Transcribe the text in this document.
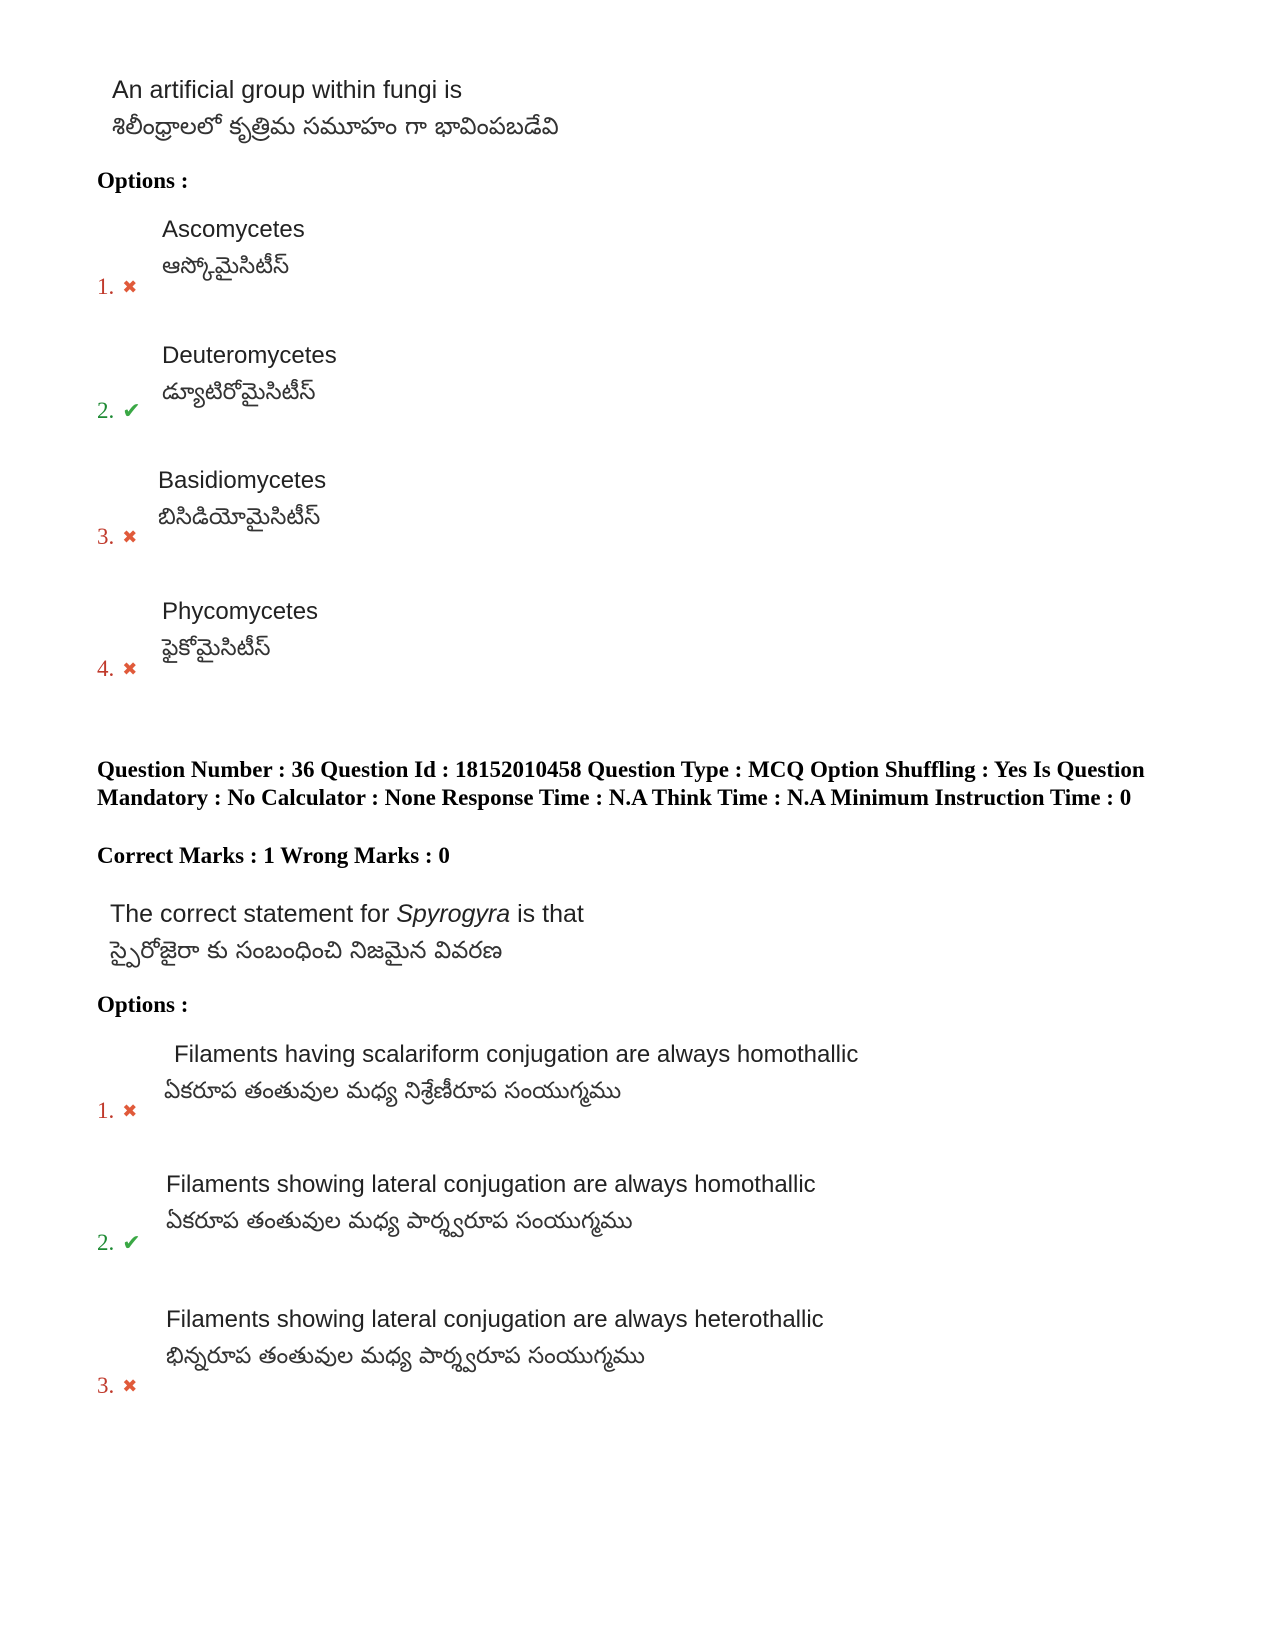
An artificial group within fungi is
శిలీంధ్రాలలో కృత్రిమ సమూహం గా భావింపబడేవి
Options :
Ascomycetes
ఆస్కోమైసిటీస్
1. ✖
Deuteromycetes
డ్యూటిరోమైసిటీస్
2. ✔
Basidiomycetes
బిసిడియోమైసిటీస్
3. ✖
Phycomycetes
ఫైకోమైసిటీస్
4. ✖
Question Number : 36 Question Id : 18152010458 Question Type : MCQ Option Shuffling : Yes Is Question Mandatory : No Calculator : None Response Time : N.A Think Time : N.A Minimum Instruction Time : 0
Correct Marks : 1 Wrong Marks : 0
The correct statement for Spyrogyra is that
స్పైరోజైరా కు సంబంధించి నిజమైన వివరణ
Options :
Filaments having scalariform conjugation are always homothallic
ఏకరూప తంతువుల మధ్య నిశ్రేణీరూప సంయుగ్మము
1. ✖
Filaments showing lateral conjugation are always homothallic
ఏకరూప తంతువుల మధ్య పార్శ్వరూప సంయుగ్మము
2. ✔
Filaments showing lateral conjugation are always heterothallic
భిన్నరూప తంతువుల మధ్య పార్శ్వరూప సంయుగ్మము
3. ✖
